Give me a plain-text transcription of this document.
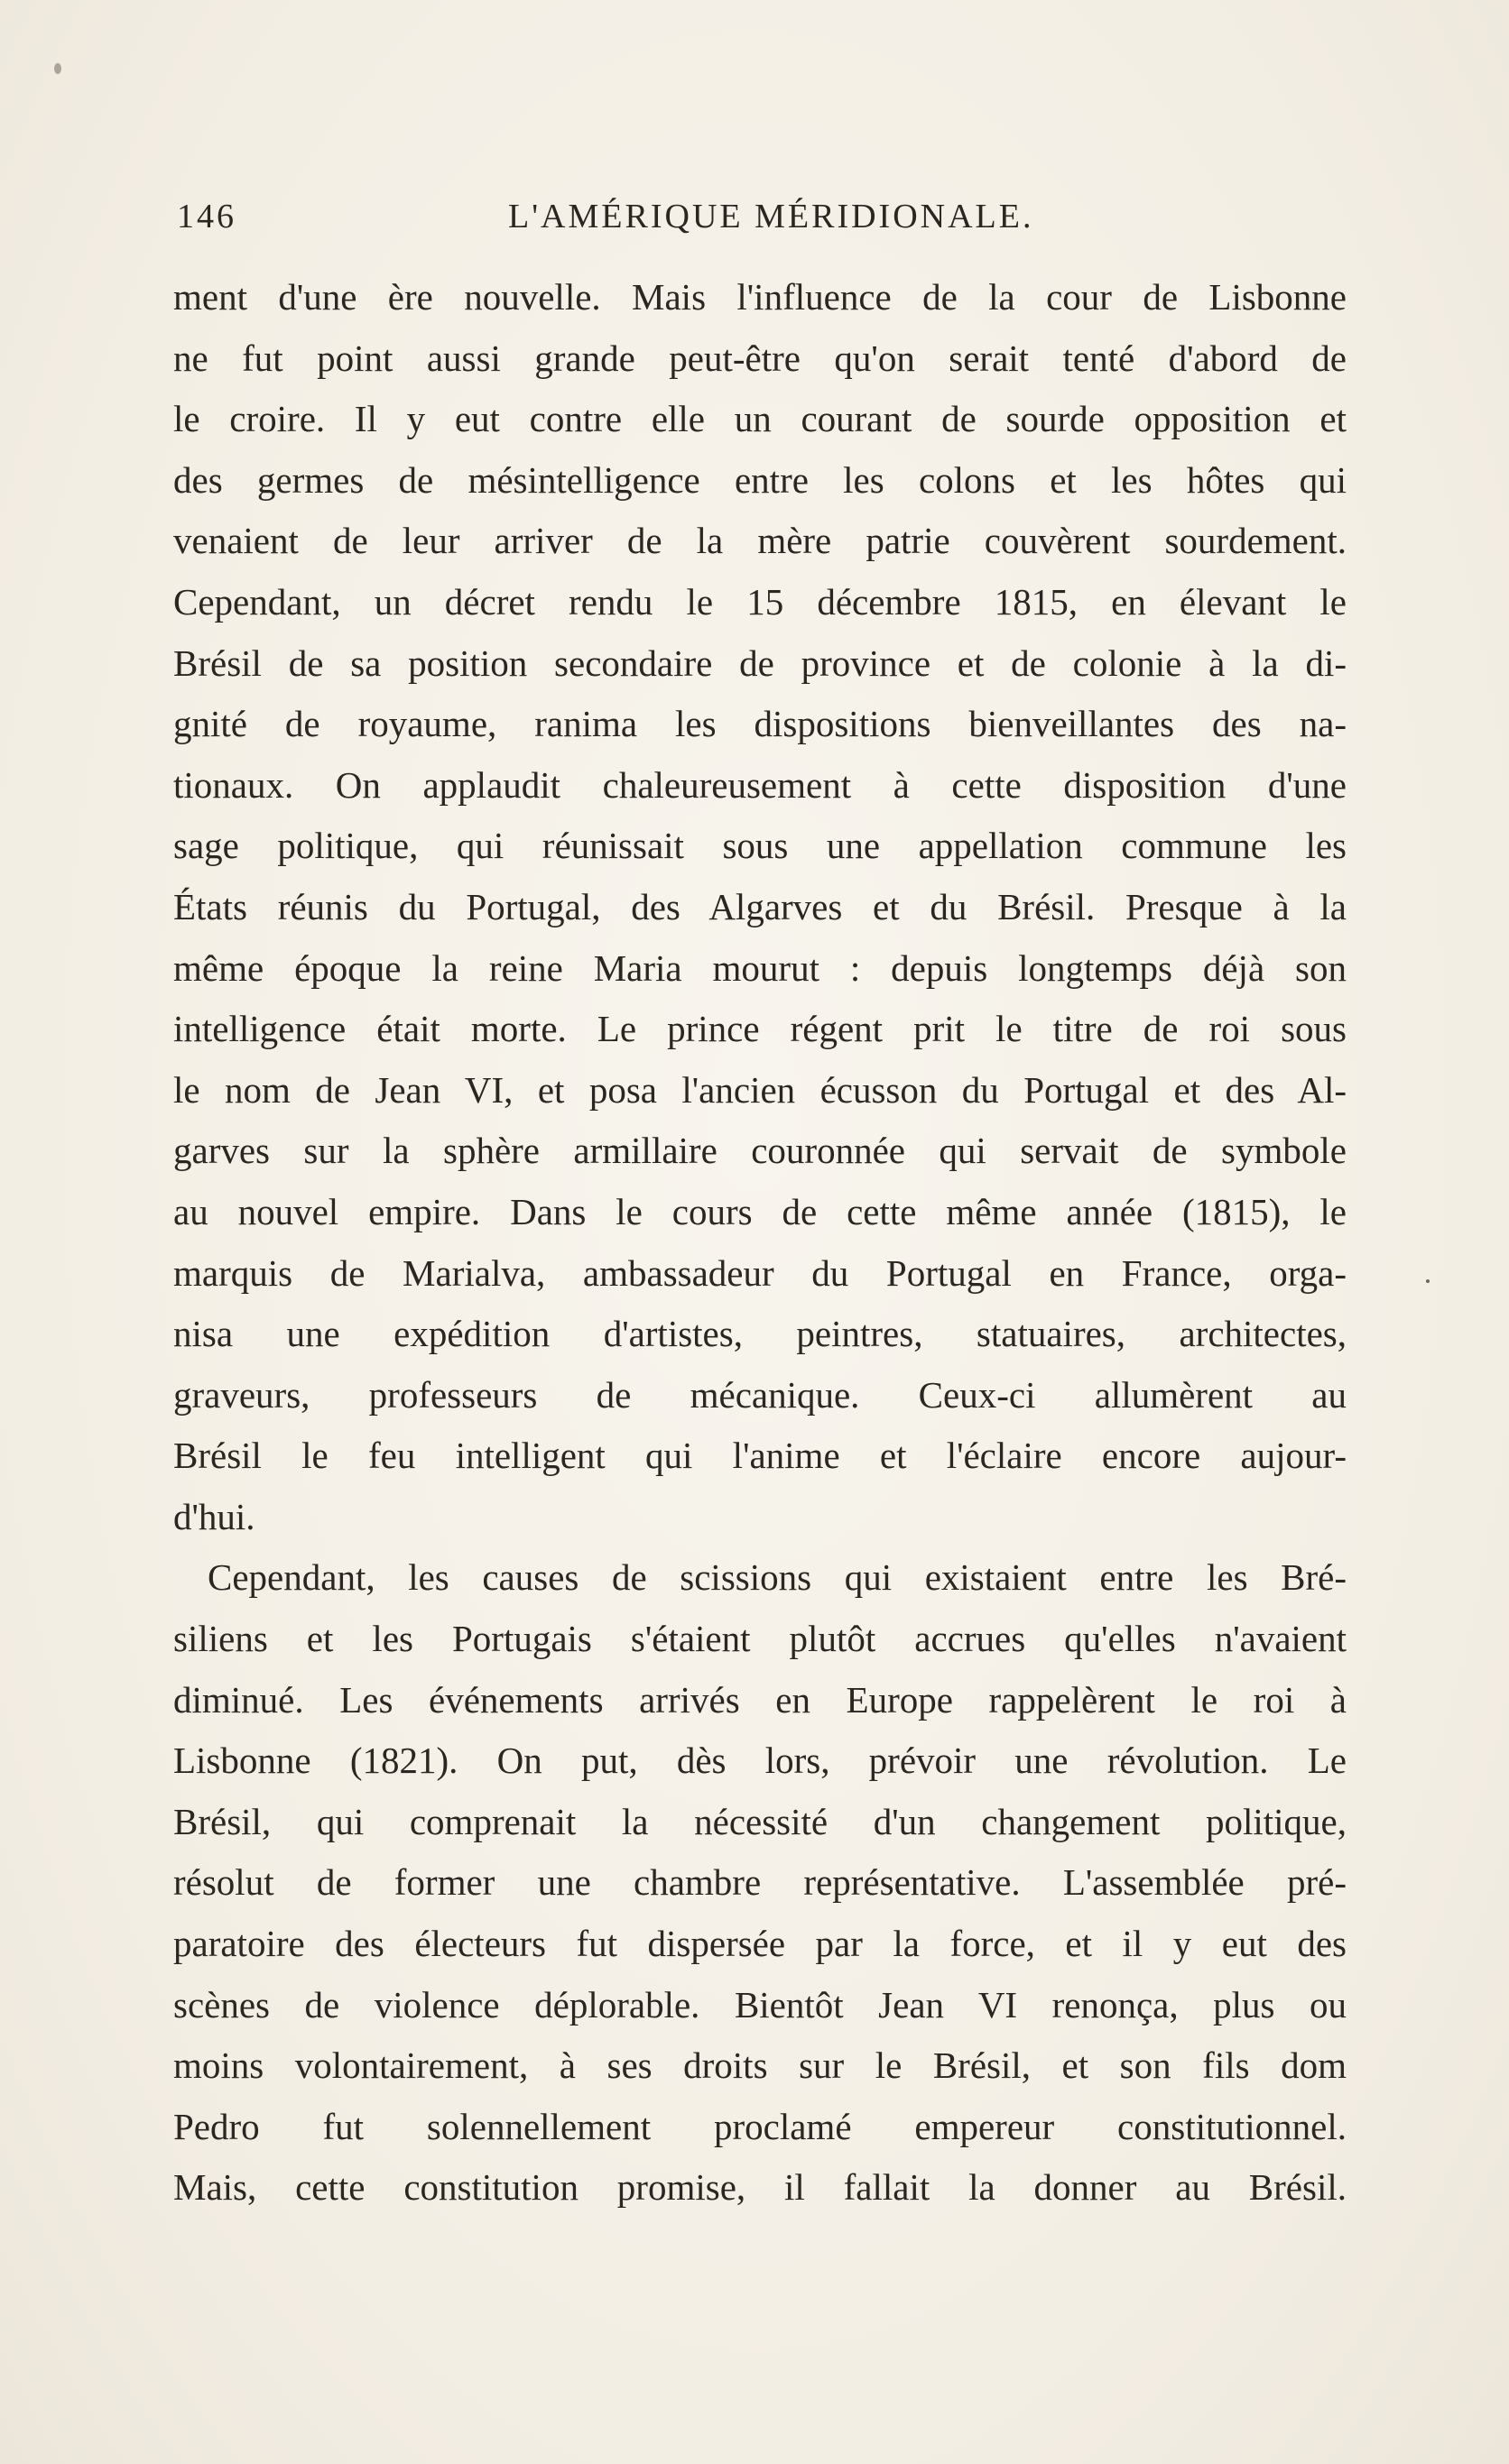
146	L'AMÉRIQUE MÉRIDIONALE.
ment d'une ère nouvelle. Mais l'influence de la cour de Lisbonne
ne fut point aussi grande peut-être qu'on serait tenté d'abord de
le croire. Il y eut contre elle un courant de sourde opposition et
des germes de mésintelligence entre les colons et les hôtes qui
venaient de leur arriver de la mère patrie couvèrent sourdement.
Cependant, un décret rendu le 15 décembre 1815, en élevant le
Brésil de sa position secondaire de province et de colonie à la di-
gnité de royaume, ranima les dispositions bienveillantes des na-
tionaux. On applaudit chaleureusement à cette disposition d'une
sage politique, qui réunissait sous une appellation commune les
États réunis du Portugal, des Algarves et du Brésil. Presque à la
même époque la reine Maria mourut : depuis longtemps déjà son
intelligence était morte. Le prince régent prit le titre de roi sous
le nom de Jean VI, et posa l'ancien écusson du Portugal et des Al-
garves sur la sphère armillaire couronnée qui servait de symbole
au nouvel empire. Dans le cours de cette même année (1815), le
marquis de Marialva, ambassadeur du Portugal en France, orga-
nisa une expédition d'artistes, peintres, statuaires, architectes,
graveurs, professeurs de mécanique. Ceux-ci allumèrent au
Brésil le feu intelligent qui l'anime et l'éclaire encore aujour-
d'hui.
Cependant, les causes de scissions qui existaient entre les Bré-
siliens et les Portugais s'étaient plutôt accrues qu'elles n'avaient
diminué. Les événements arrivés en Europe rappelèrent le roi à
Lisbonne (1821). On put, dès lors, prévoir une révolution. Le
Brésil, qui comprenait la nécessité d'un changement politique,
résolut de former une chambre représentative. L'assemblée pré-
paratoire des électeurs fut dispersée par la force, et il y eut des
scènes de violence déplorable. Bientôt Jean VI renonça, plus ou
moins volontairement, à ses droits sur le Brésil, et son fils dom
Pedro fut solennellement proclamé empereur constitutionnel.
Mais, cette constitution promise, il fallait la donner au Brésil.
